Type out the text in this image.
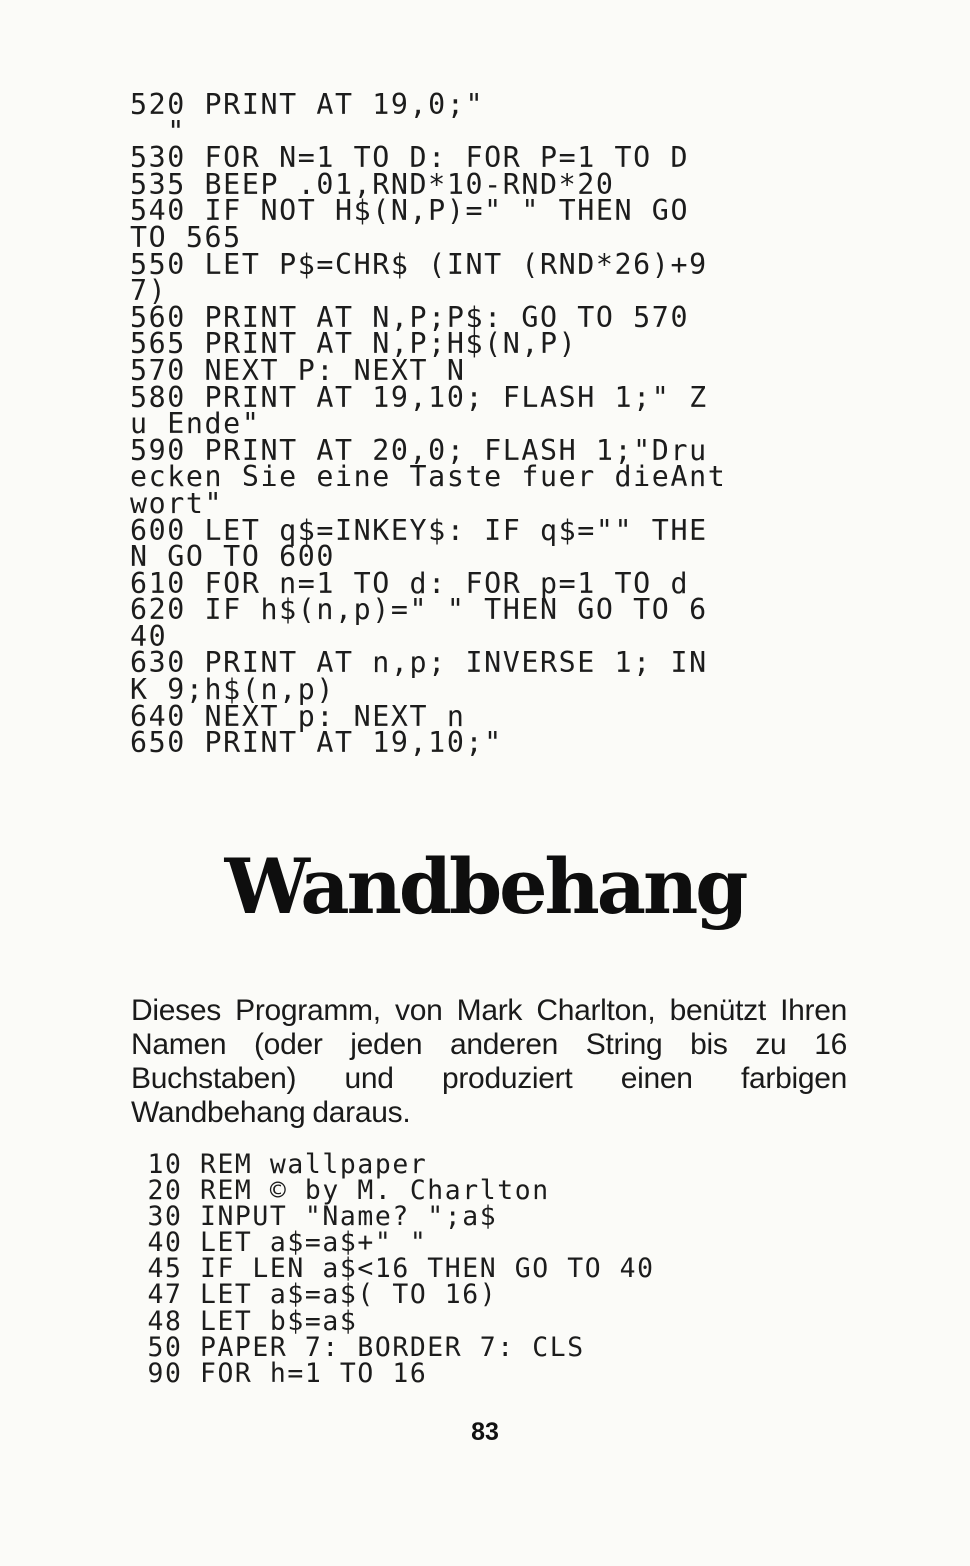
520 PRINT AT 19,0;"
"
530 FOR N=1 TO D: FOR P=1 TO D
535 BEEP .01,RND*10-RND*20
540 IF NOT H$(N,P)=" " THEN GO
TO 565
550 LET P$=CHR$ (INT (RND*26)+9
7)
560 PRINT AT N,P;P$: GO TO 570
565 PRINT AT N,P;H$(N,P)
570 NEXT P: NEXT N
580 PRINT AT 19,10; FLASH 1;" Z
u Ende"
590 PRINT AT 20,0; FLASH 1;"Dru
ecken Sie eine Taste fuer dieAnt
wort"
600 LET q$=INKEY$: IF q$="" THE
N GO TO 600
610 FOR n=1 TO d: FOR p=1 TO d
620 IF h$(n,p)=" " THEN GO TO 6
40
630 PRINT AT n,p; INVERSE 1; IN
K 9;h$(n,p)
640 NEXT p: NEXT n
650 PRINT AT 19,10;"
Wandbehang

Dieses Programm, von Mark Charlton, benützt Ihren Namen (oder jeden anderen String bis zu 16 Buchstaben) und produziert einen farbigen Wandbehang daraus.

10 REM wallpaper
20 REM © by M. Charlton
30 INPUT "Name? ";a$
40 LET a$=a$+" "
45 IF LEN a$<16 THEN GO TO 40
47 LET a$=a$( TO 16)
48 LET b$=a$
50 PAPER 7: BORDER 7: CLS
90 FOR h=1 TO 16
83
